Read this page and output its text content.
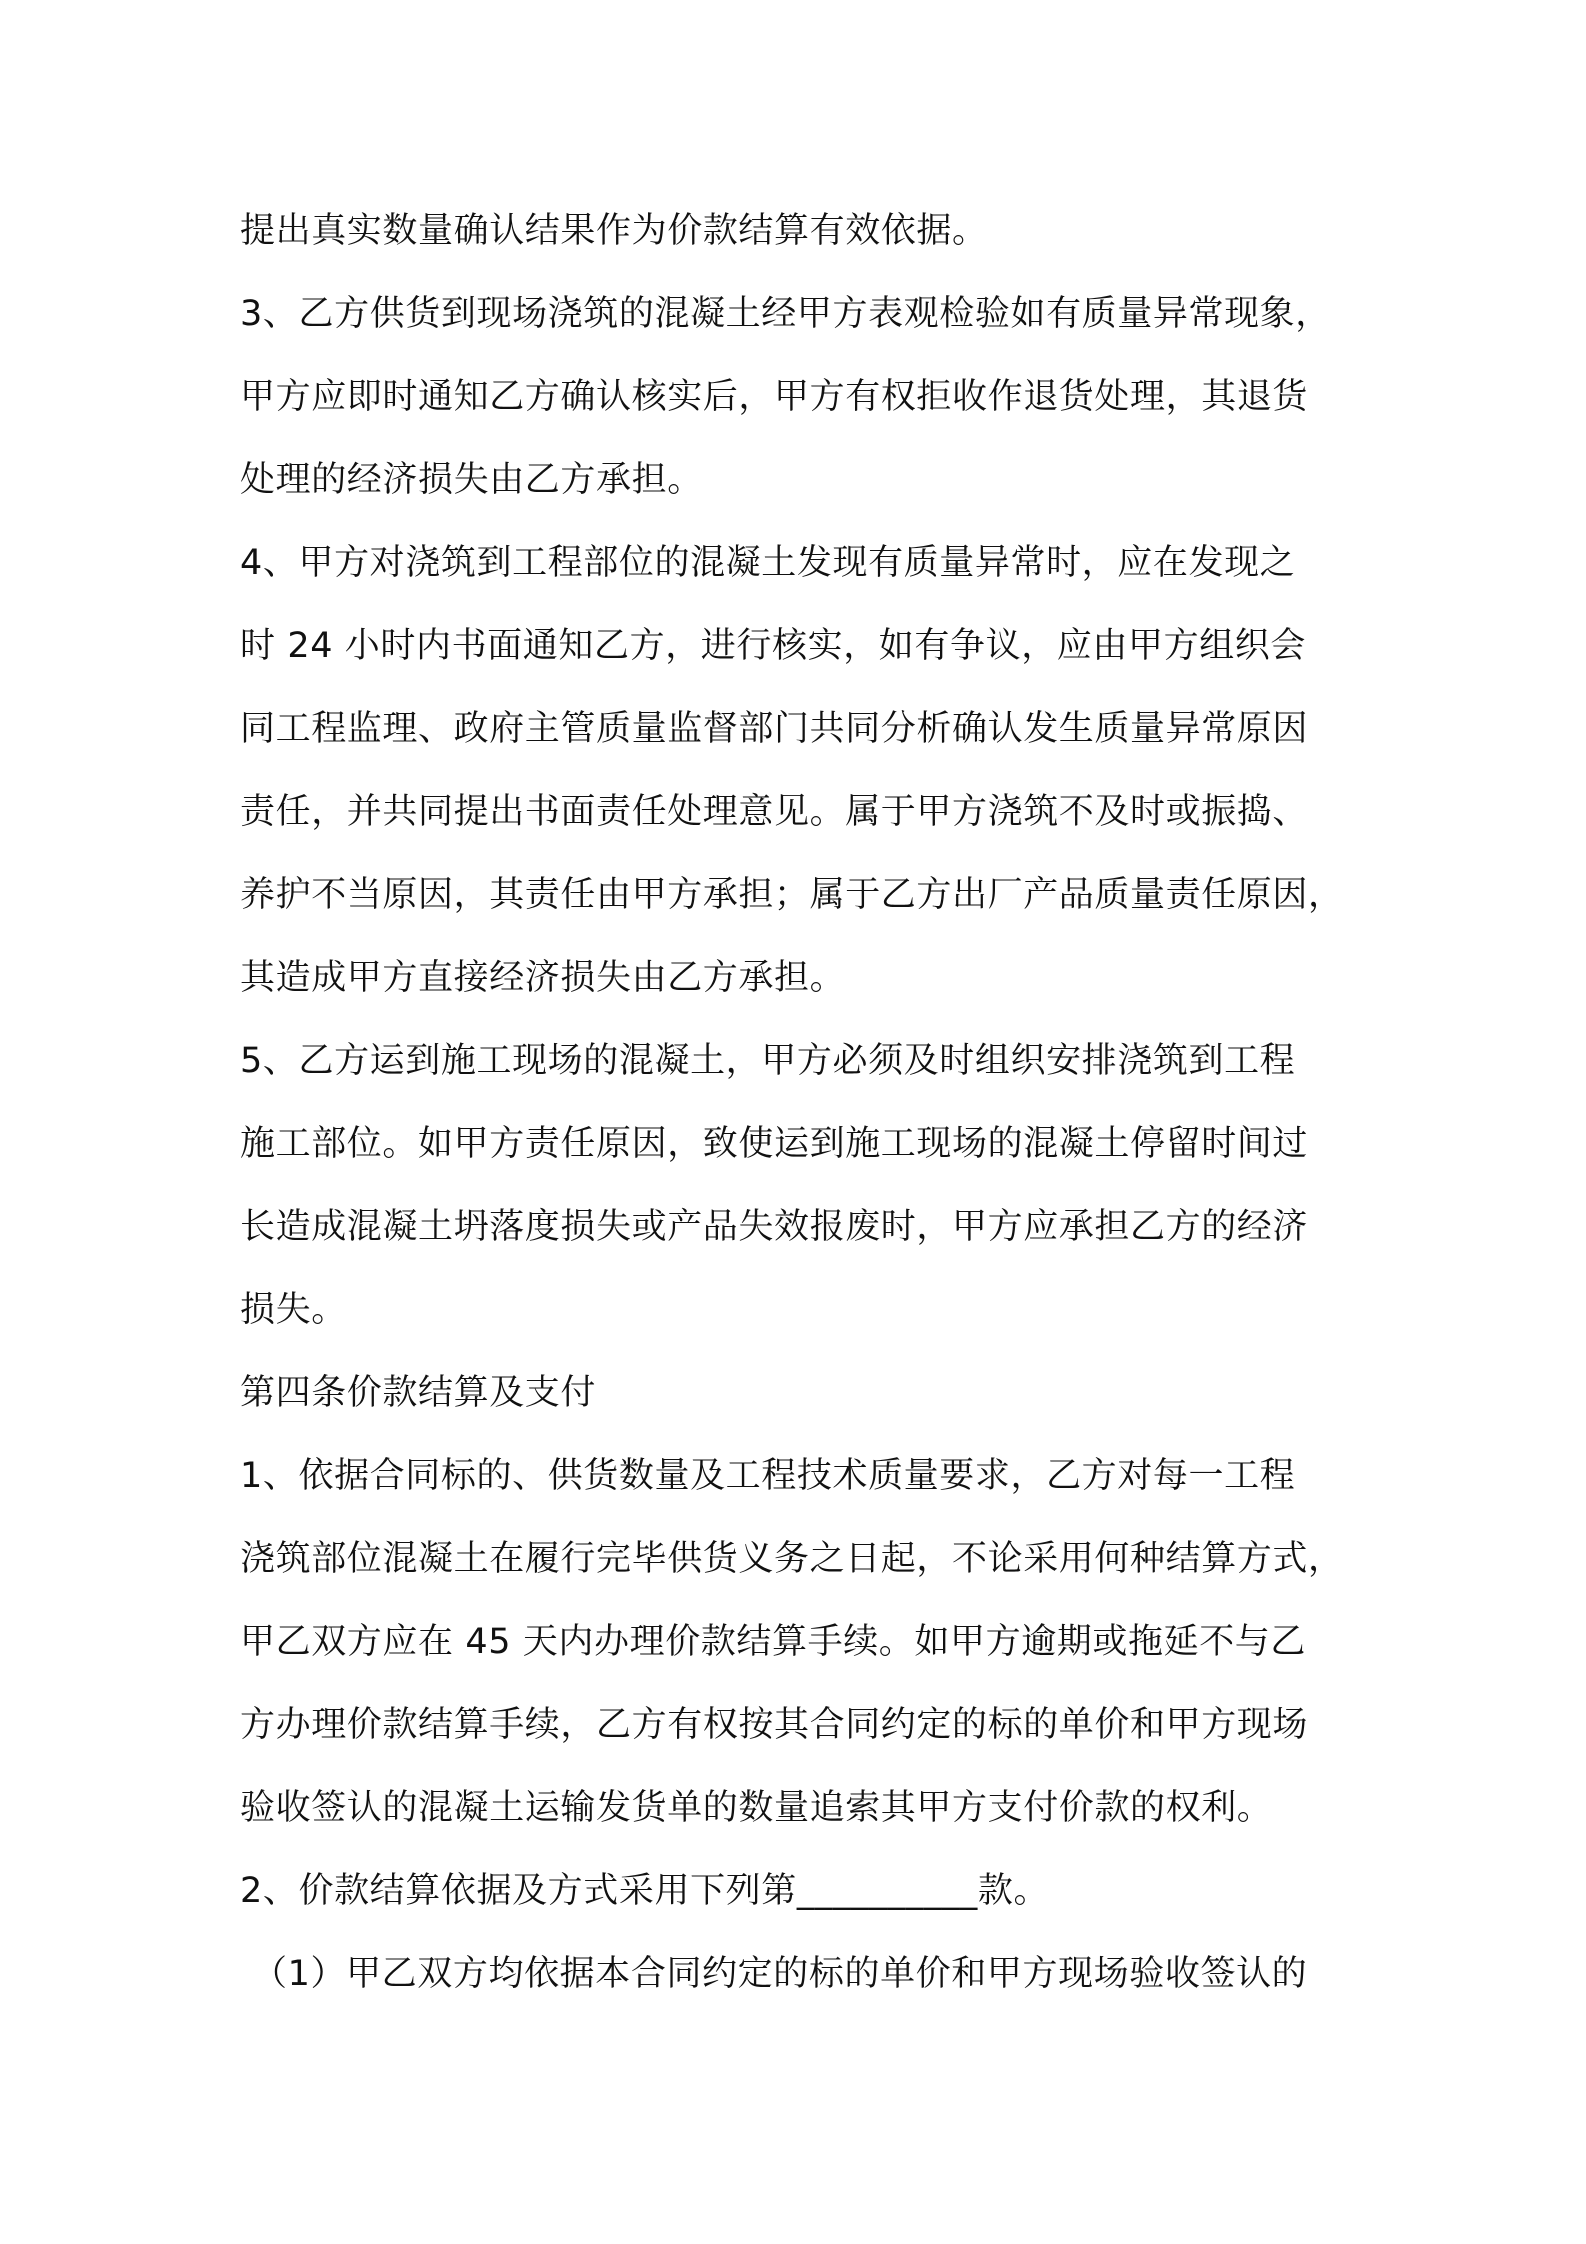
提出真实数量确认结果作为价款结算有效依据。
3、乙方供货到现场浇筑的混凝土经甲方表观检验如有质量异常现象，
甲方应即时通知乙方确认核实后，甲方有权拒收作退货处理，其退货
处理的经济损失由乙方承担。
4、甲方对浇筑到工程部位的混凝土发现有质量异常时，应在发现之
时 24 小时内书面通知乙方，进行核实，如有争议，应由甲方组织会
同工程监理、政府主管质量监督部门共同分析确认发生质量异常原因
责任，并共同提出书面责任处理意见。属于甲方浇筑不及时或振捣、
养护不当原因，其责任由甲方承担；属于乙方出厂产品质量责任原因，
其造成甲方直接经济损失由乙方承担。
5、乙方运到施工现场的混凝土，甲方必须及时组织安排浇筑到工程
施工部位。如甲方责任原因，致使运到施工现场的混凝土停留时间过
长造成混凝土坍落度损失或产品失效报废时，甲方应承担乙方的经济
损失。
第四条价款结算及支付
1、依据合同标的、供货数量及工程技术质量要求，乙方对每一工程
浇筑部位混凝土在履行完毕供货义务之日起，不论采用何种结算方式，
甲乙双方应在 45 天内办理价款结算手续。如甲方逾期或拖延不与乙
方办理价款结算手续，乙方有权按其合同约定的标的单价和甲方现场
验收签认的混凝土运输发货单的数量追索其甲方支付价款的权利。
2、价款结算依据及方式采用下列第__________款。
（1）甲乙双方均依据本合同约定的标的单价和甲方现场验收签认的
